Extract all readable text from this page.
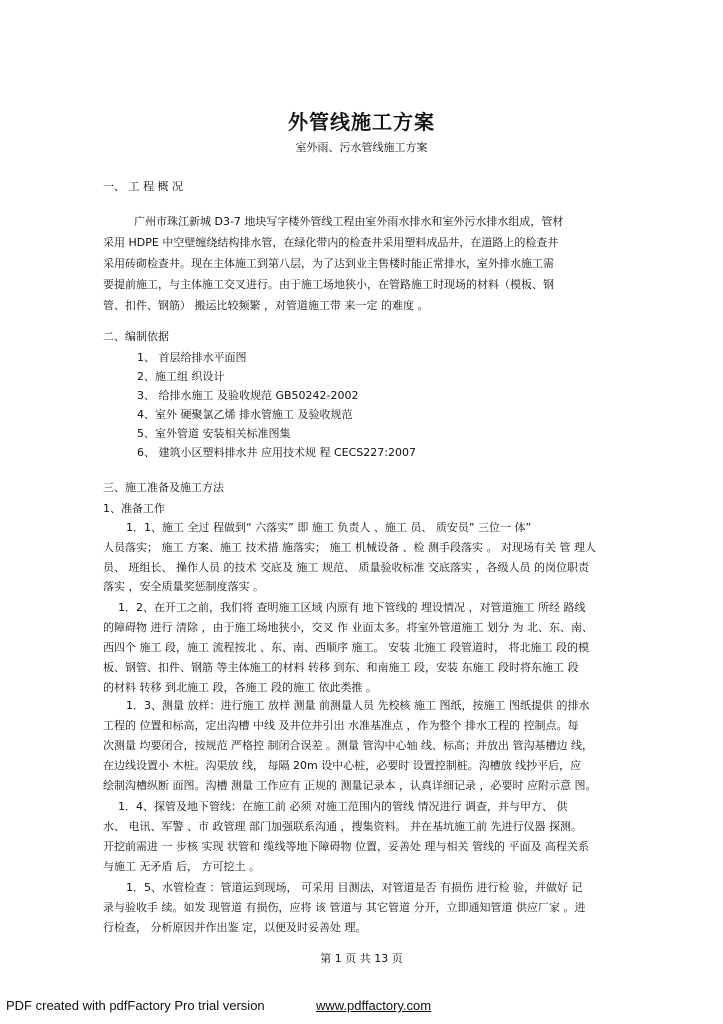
外管线施工方案
室外雨、污水管线施工方案
一、 工 程 概 况
广州市珠江新城 D3-7 地块写字楼外管线工程由室外雨水排水和室外污水排水组成，管材
采用 HDPE 中空壁缠绕结构排水管，在绿化带内的检查井采用塑料成品井，在道路上的检查井
采用砖砌检查井。现在主体施工到第八层，为了达到业主售楼时能正常排水，室外排水施工需
要提前施工，与主体施工交叉进行。由于施工场地狭小，在管路施工时现场的材料（模板、钢
管、扣件、钢筋） 搬运比较频繁 ，对管道施工带 来一定 的难度 。
二、编制依据
1、 首层给排水平面图
2、施工组 织设计
3、 给排水施工 及验收规范 GB50242-2002
4、室外 硬聚氯乙烯 排水管施工 及验收规范
5、室外管道 安装相关标准图集
6、 建筑小区塑料排水井 应用技术规 程 CECS227:2007
三、施工准备及施工方法
1、准备工作
1．1、施工 全过 程做到“ 六落实” 即 施工 负责人 、施工 员、 质安员” 三位一 体”
人员落实； 施工 方案、施工 技术措 施落实； 施工 机械设备 、检 测手段落实 。 对现场有关 管 理人
员、 班组长、 操作人员 的技术 交底及 施工 规范、 质量验收标准 交底落实 ，各级人员 的岗位职责
落实 ，安全质量奖惩制度落实 。
1．2、在开工之前，我们将 查明施工区域 内原有 地下管线的 埋设情况 ，对管道施工 所经 路线
的障碍物 进行 清除 ，由于施工场地狭小，交叉 作 业面太多。将室外管道施工 划分 为 北、东、南、
西四个 施工 段，施工 流程按北 、东、南、西顺序 施工。 安装 北施工 段管道时， 将北施工 段的模
板、钢管、扣件、钢筋 等主体施工的材料 转移 到东、和南施工 段，安装 东施工 段时将东施工 段
的材料 转移 到北施工 段，各施工 段的施工 依此类推 。
1．3、测量 放样：进行施工 放样 测量 前测量人员 先校核 施工 图纸，按施工 图纸提供 的排水
工程的 位置和标高，定出沟槽 中线 及井位并引出 水准基准点 ，作为整个 排水工程的 控制点。每
次测量 均要闭合，按规范 严格控 制闭合误差 。测量 管沟中心轴 线、标高；并放出 管沟基槽边 线，
在边线设置小 木桩。沟渠放 线， 每隔 20m 设中心桩，必要时 设置控制桩。沟槽放 线抄平后，应
绘制沟槽纵断 面图。沟槽 测量 工作应有 正规的 测量记录本 ，认真详细记录 ，必要时 应附示意 图。
1．4、探管及地下管线：在施工前 必须 对施工范围内的管线 情况进行 调查，并与甲方、 供
水、 电讯、军警 、市 政管理 部门加强联系沟通 ，搜集资料。 并在基坑施工前 先进行仪器 探测。
开挖前需进 一 步核 实现 状管和 缆线等地下障碍物 位置，妥善处 理与相关 管线的 平面及 高程关系
与施工 无矛盾 后， 方可挖土 。
1．5、水管检查 ：管道运到现场， 可采用 目测法，对管道是否 有损伤 进行检 验，并做好 记
录与验收手 续。如发 现管道 有损伤，应将 该 管道与 其它管道 分开，立即通知管道 供应厂家 。进
行检查， 分析原因并作出鉴 定，以便及时妥善处 理。
第 1 页 共 13 页
PDF created with pdfFactory Pro trial version	www.pdffactory.com
